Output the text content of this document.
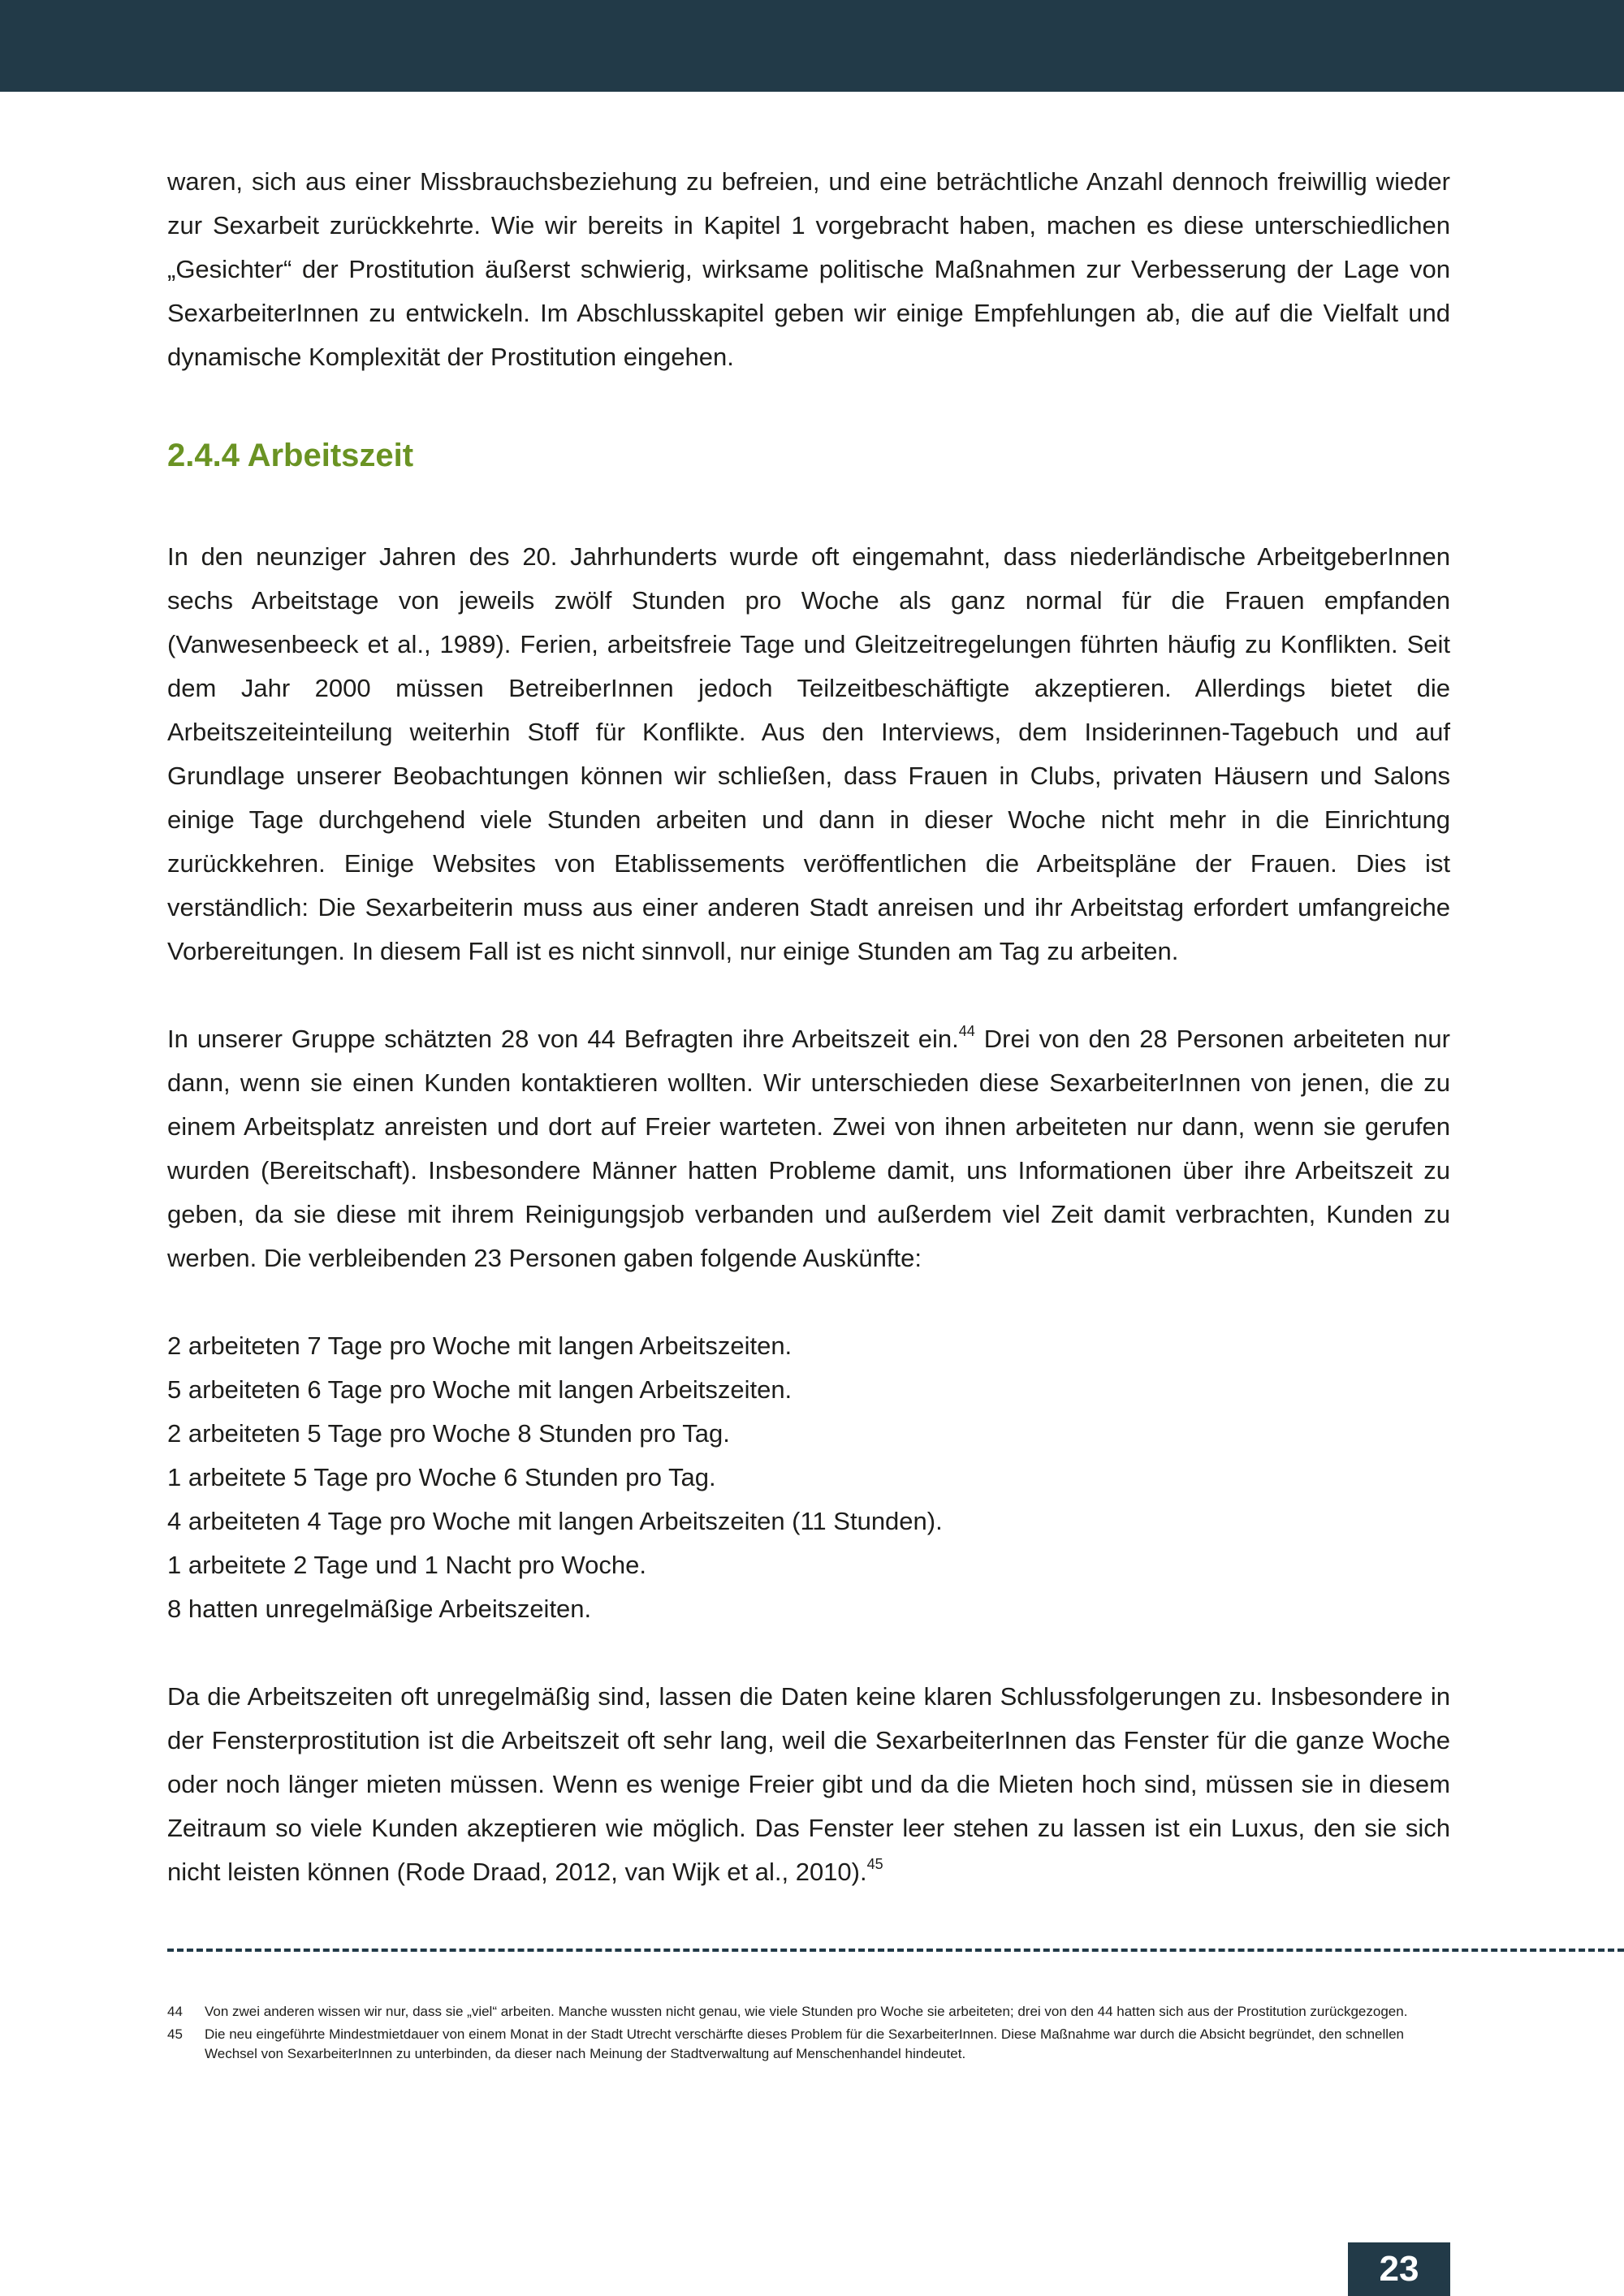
waren, sich aus einer Missbrauchsbeziehung zu befreien, und eine beträchtliche Anzahl dennoch freiwillig wieder zur Sexarbeit zurückkehrte. Wie wir bereits in Kapitel 1 vorgebracht haben, machen es diese unterschiedlichen „Gesichter“ der Prostitution äußerst schwierig, wirksame politische Maßnahmen zur Verbesserung der Lage von SexarbeiterInnen zu entwickeln. Im Abschlusskapitel geben wir einige Empfehlungen ab, die auf die Vielfalt und dynamische Komplexität der Prostitution eingehen.

2.4.4 Arbeitszeit

In den neunziger Jahren des 20. Jahrhunderts wurde oft eingemahnt, dass niederländische ArbeitgeberInnen sechs Arbeitstage von jeweils zwölf Stunden pro Woche als ganz normal für die Frauen empfanden (Vanwesenbeeck et al., 1989). Ferien, arbeitsfreie Tage und Gleitzeitregelungen führten häufig zu Konflikten. Seit dem Jahr 2000 müssen BetreiberInnen jedoch Teilzeitbeschäftigte akzeptieren. Allerdings bietet die Arbeitszeiteinteilung weiterhin Stoff für Konflikte. Aus den Interviews, dem Insiderinnen-Tagebuch und auf Grundlage unserer Beobachtungen können wir schließen, dass Frauen in Clubs, privaten Häusern und Salons einige Tage durchgehend viele Stunden arbeiten und dann in dieser Woche nicht mehr in die Einrichtung zurückkehren. Einige Websites von Etablissements veröffentlichen die Arbeitspläne der Frauen. Dies ist verständlich: Die Sexarbeiterin muss aus einer anderen Stadt anreisen und ihr Arbeitstag erfordert umfangreiche Vorbereitungen. In diesem Fall ist es nicht sinnvoll, nur einige Stunden am Tag zu arbeiten.

In unserer Gruppe schätzten 28 von 44 Befragten ihre Arbeitszeit ein.$^{44}$ Drei von den 28 Personen arbeiteten nur dann, wenn sie einen Kunden kontaktieren wollten. Wir unterschieden diese SexarbeiterInnen von jenen, die zu einem Arbeitsplatz anreisten und dort auf Freier warteten. Zwei von ihnen arbeiteten nur dann, wenn sie gerufen wurden (Bereitschaft). Insbesondere Männer hatten Probleme damit, uns Informationen über ihre Arbeitszeit zu geben, da sie diese mit ihrem Reinigungsjob verbanden und außerdem viel Zeit damit verbrachten, Kunden zu werben. Die verbleibenden 23 Personen gaben folgende Auskünfte:

2 arbeiteten 7 Tage pro Woche mit langen Arbeitszeiten.
5 arbeiteten 6 Tage pro Woche mit langen Arbeitszeiten.
2 arbeiteten 5 Tage pro Woche 8 Stunden pro Tag.
1 arbeitete 5 Tage pro Woche 6 Stunden pro Tag.
4 arbeiteten 4 Tage pro Woche mit langen Arbeitszeiten (11 Stunden).
1 arbeitete 2 Tage und 1 Nacht pro Woche.
8 hatten unregelmäßige Arbeitszeiten.

Da die Arbeitszeiten oft unregelmäßig sind, lassen die Daten keine klaren Schlussfolgerungen zu. Insbesondere in der Fensterprostitution ist die Arbeitszeit oft sehr lang, weil die SexarbeiterInnen das Fenster für die ganze Woche oder noch länger mieten müssen. Wenn es wenige Freier gibt und da die Mieten hoch sind, müssen sie in diesem Zeitraum so viele Kunden akzeptieren wie möglich. Das Fenster leer stehen zu lassen ist ein Luxus, den sie sich nicht leisten können (Rode Draad, 2012, van Wijk et al., 2010).$^{45}$

44	Von zwei anderen wissen wir nur, dass sie „viel“ arbeiten. Manche wussten nicht genau, wie viele Stunden pro Woche sie arbeiteten; drei von den 44 hatten sich aus der Prostitution zurückgezogen.
45	Die neu eingeführte Mindestmietdauer von einem Monat in der Stadt Utrecht verschärfte dieses Problem für die SexarbeiterInnen. Diese Maßnahme war durch die Absicht begründet, den schnellen Wechsel von SexarbeiterInnen zu unterbinden, da dieser nach Meinung der Stadtverwaltung auf Menschenhandel hindeutet.
23
